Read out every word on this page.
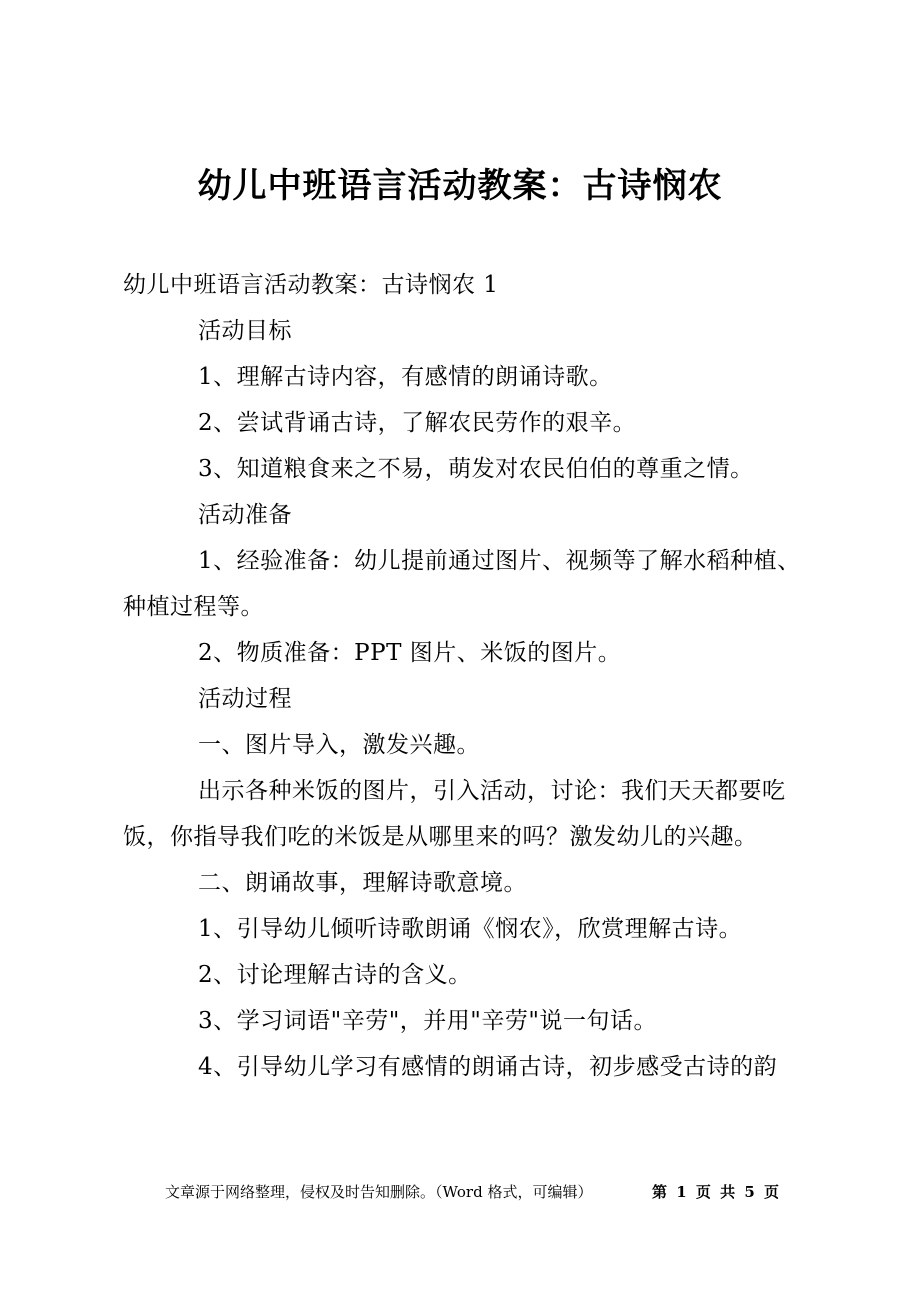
幼儿中班语言活动教案：古诗悯农
幼儿中班语言活动教案：古诗悯农 1
活动目标
1、理解古诗内容，有感情的朗诵诗歌。
2、尝试背诵古诗，了解农民劳作的艰辛。
3、知道粮食来之不易，萌发对农民伯伯的尊重之情。
活动准备
1、经验准备：幼儿提前通过图片、视频等了解水稻种植、
种植过程等。
2、物质准备：PPT 图片、米饭的图片。
活动过程
一、图片导入，激发兴趣。
出示各种米饭的图片，引入活动，讨论：我们天天都要吃
饭，你指导我们吃的米饭是从哪里来的吗？激发幼儿的兴趣。
二、朗诵故事，理解诗歌意境。
1、引导幼儿倾听诗歌朗诵《悯农》，欣赏理解古诗。
2、讨论理解古诗的含义。
3、学习词语"辛劳"，并用"辛劳"说一句话。
4、引导幼儿学习有感情的朗诵古诗，初步感受古诗的韵
文章源于网络整理，侵权及时告知删除。（Word 格式，可编辑）	第 1 页 共 5 页
